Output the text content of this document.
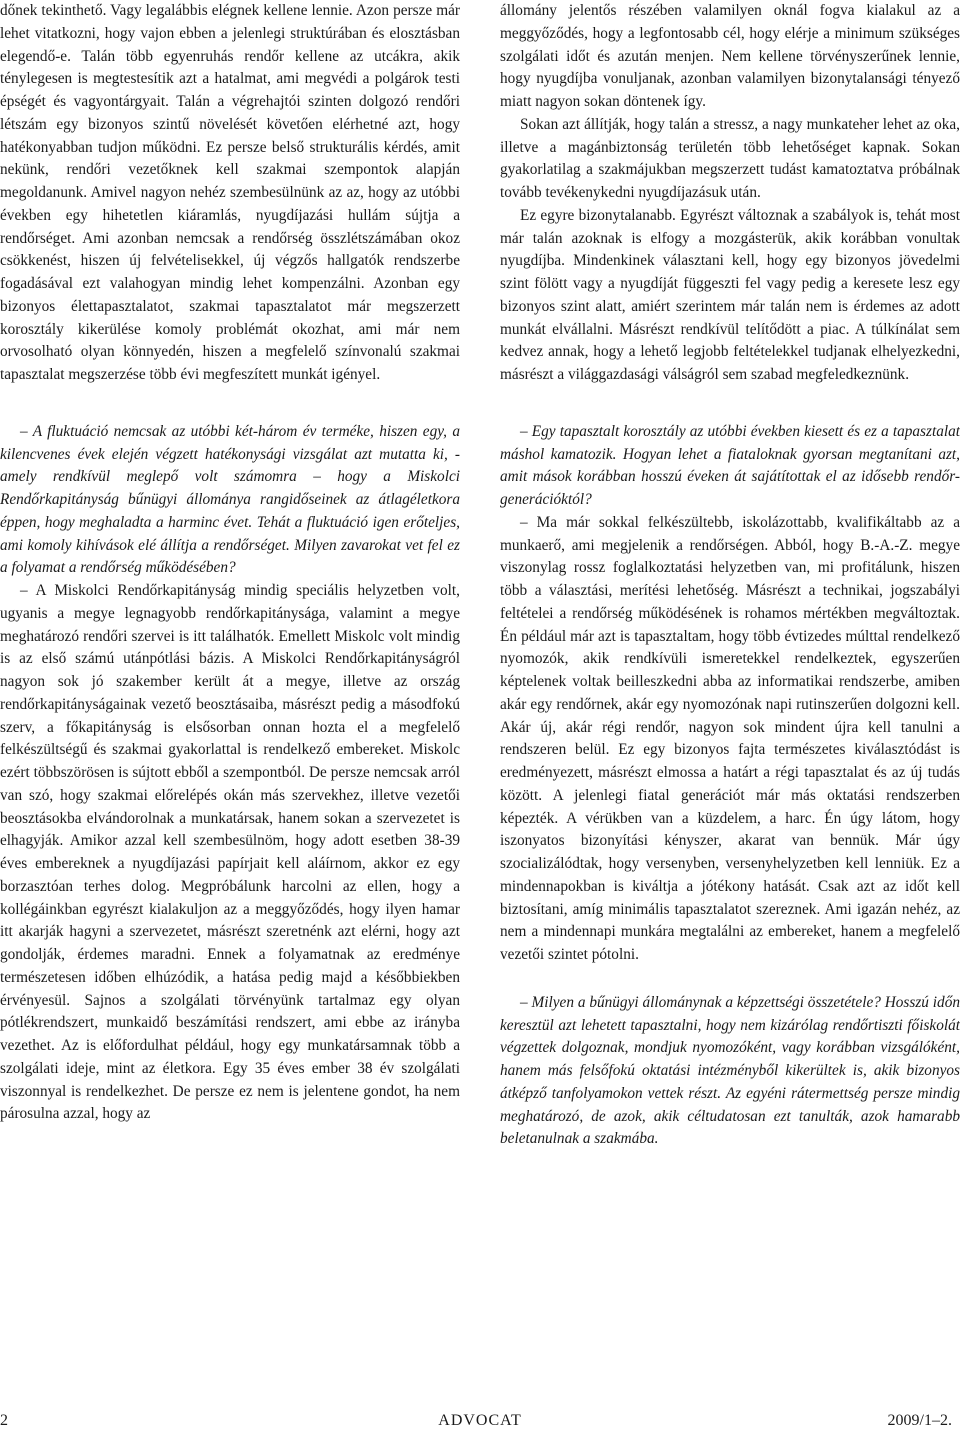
dőnek tekinthető. Vagy legalábbis elégnek kellene lennie. Azon persze már lehet vitatkozni, hogy vajon ebben a jelenlegi struktúrában és elosztásban elegendő-e. Talán több egyenruhás rendőr kellene az utcákra, akik ténylegesen is megtestesítik azt a hatalmat, ami megvédi a polgárok testi épségét és vagyontárgyait. Talán a végrehajtói szinten dolgozó rendőri létszám egy bizonyos szintű növelését követően elérhetné azt, hogy hatékonyabban tudjon működni. Ez persze belső strukturális kérdés, amit nekünk, rendőri vezetőknek kell szakmai szempontok alapján megoldanunk. Amivel nagyon nehéz szembesülnünk az az, hogy az utóbbi években egy hihetetlen kiáramlás, nyugdíjazási hullám sújtja a rendőrséget. Ami azonban nemcsak a rendőrség összlétszámában okoz csökkenést, hiszen új felvételisekkel, új végzős hallgatók rendszerbe fogadásával ezt valahogyan mindig lehet kompenzálni. Azonban egy bizonyos élettapasztalatot, szakmai tapasztalatot már megszerzett korosztály kikerülése komoly problémát okozhat, ami már nem orvosolható olyan könnyedén, hiszen a megfelelő színvonalú szakmai tapasztalat megszerzése több évi megfeszített munkát igényel.

– A fluktuáció nemcsak az utóbbi két-három év terméke, hiszen egy, a kilencvenes évek elején végzett hatékonysági vizsgálat azt mutatta ki, - amely rendkívül meglepő volt számomra – hogy a Miskolci Rendőrkapitányság bűnügyi állománya rangidőseinek az átlagéletkora éppen, hogy meghaladta a harminc évet. Tehát a fluktuáció igen erőteljes, ami komoly kihívások elé állítja a rendőrséget. Milyen zavarokat vet fel ez a folyamat a rendőrség működésében?

– A Miskolci Rendőrkapitányság mindig speciális helyzetben volt, ugyanis a megye legnagyobb rendőrkapitánysága, valamint a megye meghatározó rendőri szervei is itt találhatók. Emellett Miskolc volt mindig is az első számú utánpótlási bázis. A Miskolci Rendőrkapitányságról nagyon sok jó szakember került át a megye, illetve az ország rendőrkapitányságainak vezető beosztásaiba, másrészt pedig a másodfokú szerv, a főkapitányság is elsősorban onnan hozta el a megfelelő felkészültségű és szakmai gyakorlattal is rendelkező embereket. Miskolc ezért többszörösen is sújtott ebből a szempontból. De persze nemcsak arról van szó, hogy szakmai előrelépés okán más szervekhez, illetve vezetői beosztásokba elvándorolnak a munkatársak, hanem sokan a szervezetet is elhagyják. Amikor azzal kell szembesülnöm, hogy adott esetben 38-39 éves embereknek a nyugdíjazási papírjait kell aláírnom, akkor ez egy borzasztóan terhes dolog. Megpróbálunk harcolni az ellen, hogy a kollégáinkban egyrészt kialakuljon az a meggyőződés, hogy ilyen hamar itt akarják hagyni a szervezetet, másrészt szeretnénk azt elérni, hogy azt gondolják, érdemes maradni. Ennek a folyamatnak az eredménye természetesen időben elhúzódik, a hatása pedig majd a későbbiekben érvényesül. Sajnos a szolgálati törvényünk tartalmaz egy olyan pótlékrendszert, munkaidő beszámítási rendszert, ami ebbe az irányba vezethet. Az is előfordulhat például, hogy egy munkatársamnak több a szolgálati ideje, mint az életkora. Egy 35 éves ember 38 év szolgálati viszonnyal is rendelkezhet. De persze ez nem is jelentene gondot, ha nem párosulna azzal, hogy az

állomány jelentős részében valamilyen oknál fogva kialakul az a meggyőződés, hogy a legfontosabb cél, hogy elérje a minimum szükséges szolgálati időt és azután menjen. Nem kellene törvényszerűnek lennie, hogy nyugdíjba vonuljanak, azonban valamilyen bizonytalansági tényező miatt nagyon sokan döntenek így.

Sokan azt állítják, hogy talán a stressz, a nagy munkateher lehet az oka, illetve a magánbiztonság területén több lehetőséget kapnak. Sokan gyakorlatilag a szakmájukban megszerzett tudást kamatoztatva próbálnak tovább tevékenykedni nyugdíjazásuk után.

Ez egyre bizonytalanabb. Egyrészt változnak a szabályok is, tehát most már talán azoknak is elfogy a mozgásterük, akik korábban vonultak nyugdíjba. Mindenkinek választani kell, hogy egy bizonyos jövedelmi szint fölött vagy a nyugdíját függeszti fel vagy pedig a keresete lesz egy bizonyos szint alatt, amiért szerintem már talán nem is érdemes az adott munkát elvállalni. Másrészt rendkívül telítődött a piac. A túlkínálat sem kedvez annak, hogy a lehető legjobb feltételekkel tudjanak elhelyezkedni, másrészt a világgazdasági válságról sem szabad megfeledkeznünk.

– Egy tapasztalt korosztály az utóbbi években kiesett és ez a tapasztalat máshol kamatozik. Hogyan lehet a fiataloknak gyorsan megtanítani azt, amit mások korábban hosszú éveken át sajátítottak el az idősebb rendőr-generációktól?

– Ma már sokkal felkészültebb, iskolázottabb, kvalifikáltabb az a munkaerő, ami megjelenik a rendőrségen. Abból, hogy B.-A.-Z. megye viszonylag rossz foglalkoztatási helyzetben van, mi profitálunk, hiszen több a választási, merítési lehetőség. Másrészt a technikai, jogszabályi feltételei a rendőrség működésének is rohamos mértékben megváltoztak. Én például már azt is tapasztaltam, hogy több évtizedes múlttal rendelkező nyomozók, akik rendkívüli ismeretekkel rendelkeztek, egyszerűen képtelenek voltak beilleszkedni abba az informatikai rendszerbe, amiben akár egy rendőrnek, akár egy nyomozónak napi rutinszerűen dolgozni kell. Akár új, akár régi rendőr, nagyon sok mindent újra kell tanulni a rendszeren belül. Ez egy bizonyos fajta természetes kiválasztódást is eredményezett, másrészt elmossa a határt a régi tapasztalat és az új tudás között. A jelenlegi fiatal generációt már más oktatási rendszerben képezték. A vérükben van a küzdelem, a harc. Én úgy látom, hogy iszonyatos bizonyítási kényszer, akarat van bennük. Már úgy szocializálódtak, hogy versenyben, versenyhelyzetben kell lenniük. Ez a mindennapokban is kiváltja a jótékony hatását. Csak azt az időt kell biztosítani, amíg minimális tapasztalatot szereznek. Ami igazán nehéz, az nem a mindennapi munkára megtalálni az embereket, hanem a megfelelő vezetői szintet pótolni.

– Milyen a bűnügyi állománynak a képzettségi összetétele? Hosszú időn keresztül azt lehetett tapasztalni, hogy nem kizárólag rendőrtiszti főiskolát végzettek dolgoznak, mondjuk nyomozóként, vagy korábban vizsgálóként, hanem más felsőfokú oktatási intézményből kikerültek is, akik bizonyos átképző tanfolyamokon vettek részt. Az egyéni rátermettség persze mindig meghatározó, de azok, akik céltudatosan ezt tanulták, azok hamarabb beletanulnak a szakmába.

2	ADVOCAT	2009/1–2.
